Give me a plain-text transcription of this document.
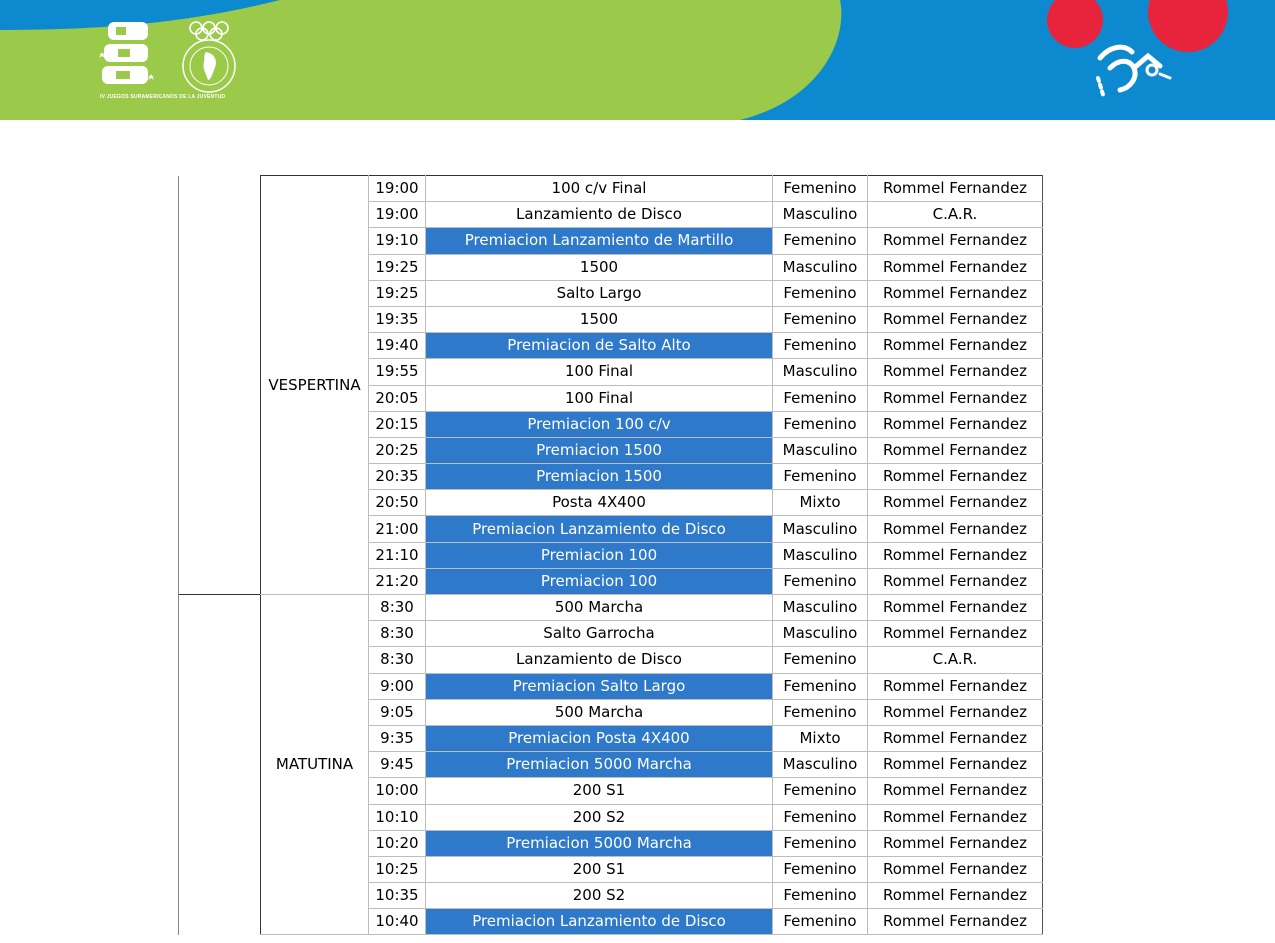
IV JUEGOS SURAMERICANOS DE LA JUVENTUD
	VESPERTINA	19:00	100 c/v Final	Femenino	Rommel Fernandez
		19:00	Lanzamiento de Disco	Masculino	C.A.R.
		19:10	Premiacion Lanzamiento de Martillo	Femenino	Rommel Fernandez
		19:25	1500	Masculino	Rommel Fernandez
		19:25	Salto Largo	Femenino	Rommel Fernandez
		19:35	1500	Femenino	Rommel Fernandez
		19:40	Premiacion de Salto Alto	Femenino	Rommel Fernandez
		19:55	100 Final	Masculino	Rommel Fernandez
		20:05	100 Final	Femenino	Rommel Fernandez
		20:15	Premiacion 100 c/v	Femenino	Rommel Fernandez
		20:25	Premiacion 1500	Masculino	Rommel Fernandez
		20:35	Premiacion 1500	Femenino	Rommel Fernandez
		20:50	Posta 4X400	Mixto	Rommel Fernandez
		21:00	Premiacion Lanzamiento de Disco	Masculino	Rommel Fernandez
		21:10	Premiacion 100	Masculino	Rommel Fernandez
		21:20	Premiacion 100	Femenino	Rommel Fernandez
	MATUTINA	8:30	500 Marcha	Masculino	Rommel Fernandez
		8:30	Salto Garrocha	Masculino	Rommel Fernandez
		8:30	Lanzamiento de Disco	Femenino	C.A.R.
		9:00	Premiacion Salto Largo	Femenino	Rommel Fernandez
		9:05	500 Marcha	Femenino	Rommel Fernandez
		9:35	Premiacion Posta 4X400	Mixto	Rommel Fernandez
		9:45	Premiacion 5000 Marcha	Masculino	Rommel Fernandez
		10:00	200 S1	Femenino	Rommel Fernandez
		10:10	200 S2	Femenino	Rommel Fernandez
		10:20	Premiacion 5000 Marcha	Femenino	Rommel Fernandez
		10:25	200 S1	Femenino	Rommel Fernandez
		10:35	200 S2	Femenino	Rommel Fernandez
		10:40	Premiacion Lanzamiento de Disco	Femenino	Rommel Fernandez
